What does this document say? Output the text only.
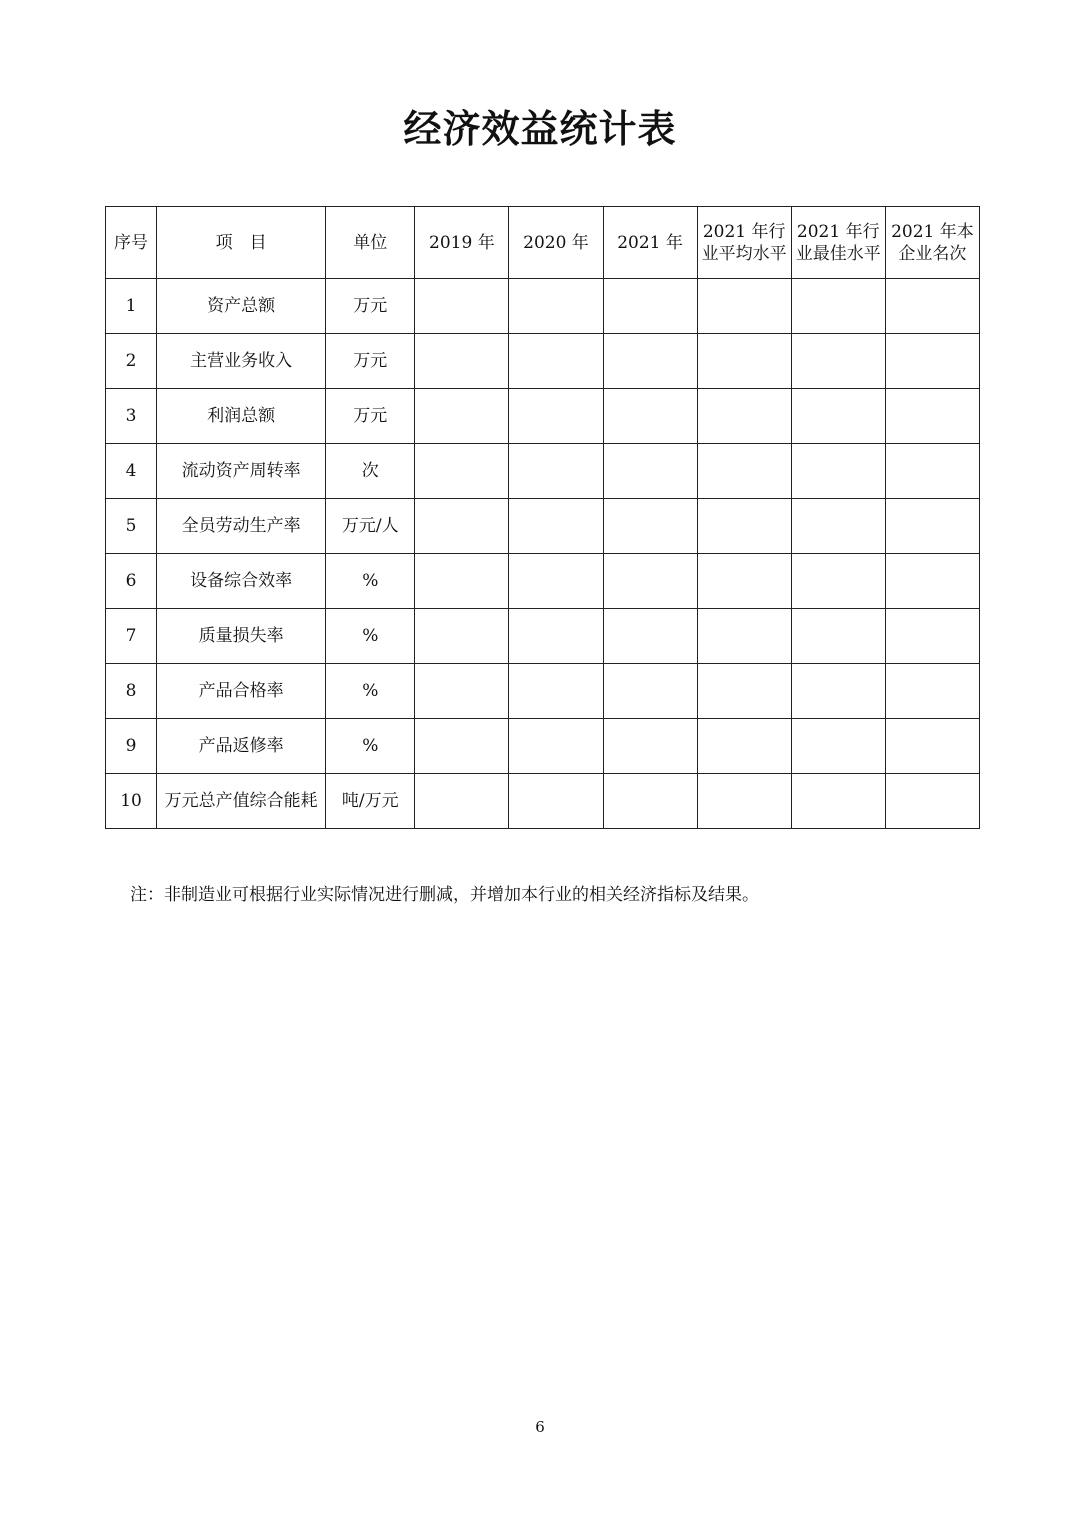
经济效益统计表
序号	项　目	单位	2019 年	2020 年	2021 年	2021 年行业平均水平	2021 年行业最佳水平	2021 年本企业名次
1	资产总额	万元						
2	主营业务收入	万元						
3	利润总额	万元						
4	流动资产周转率	次						
5	全员劳动生产率	万元/人						
6	设备综合效率	%						
7	质量损失率	%						
8	产品合格率	%						
9	产品返修率	%						
10	万元总产值综合能耗	吨/万元						
注：非制造业可根据行业实际情况进行删减，并增加本行业的相关经济指标及结果。
6
